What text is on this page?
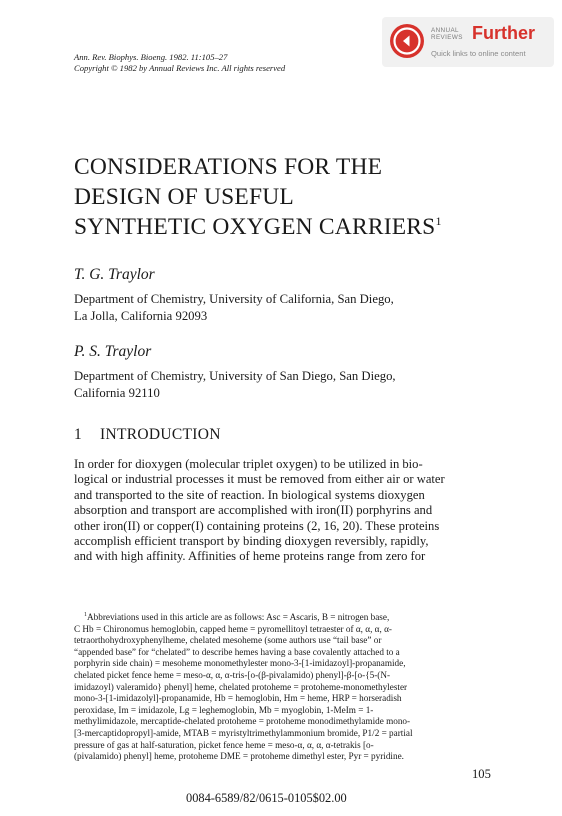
Ann. Rev. Biophys. Bioeng. 1982. 11:105–27
Copyright © 1982 by Annual Reviews Inc. All rights reserved
ANNUAL REVIEWS Further
Quick links to online content
CONSIDERATIONS FOR THE
DESIGN OF USEFUL
SYNTHETIC OXYGEN CARRIERS$^1$
T. G. Traylor
Department of Chemistry, University of California, San Diego,
La Jolla, California 92093
P. S. Traylor
Department of Chemistry, University of San Diego, San Diego,
California 92110
1 INTRODUCTION
In order for dioxygen (molecular triplet oxygen) to be utilized in bio-
logical or industrial processes it must be removed from either air or water
and transported to the site of reaction. In biological systems dioxygen
absorption and transport are accomplished with iron(II) porphyrins and
other iron(II) or copper(I) containing proteins (2, 16, 20). These proteins
accomplish efficient transport by binding dioxygen reversibly, rapidly,
and with high affinity. Affinities of heme proteins range from zero for
$^1$Abbreviations used in this article are as follows: Asc = Ascaris, B = nitrogen base,
C Hb = Chironomus hemoglobin, capped heme = pyromellitoyl tetraester of α, α, α, α-
tetraorthohydroxyphenylheme, chelated mesoheme (some authors use “tail base” or
“appended base” for “chelated” to describe hemes having a base covalently attached to a
porphyrin side chain) = mesoheme monomethylester mono-3-[1-imidazoyl]-propanamide,
chelated picket fence heme = meso-α, α, α-tris-[o-(β-pivalamido) phenyl]-β-[o-{5-(N-
imidazoyl) valeramido} phenyl] heme, chelated protoheme = protoheme-monomethylester
mono-3-[1-imidazolyl]-propanamide, Hb = hemoglobin, Hm = heme, HRP = horseradish
peroxidase, Im = imidazole, Lg = leghemoglobin, Mb = myoglobin, 1-MeIm = 1-
methylimidazole, mercaptide-chelated protoheme = protoheme monodimethylamide mono-
[3-mercaptidopropyl]-amide, MTAB = myristyltrimethylammonium bromide, P1/2 = partial
pressure of gas at half-saturation, picket fence heme = meso-α, α, α, α-tetrakis [o-
(pivalamido) phenyl] heme, protoheme DME = protoheme dimethyl ester, Pyr = pyridine.
105
0084-6589/82/0615-0105$02.00
